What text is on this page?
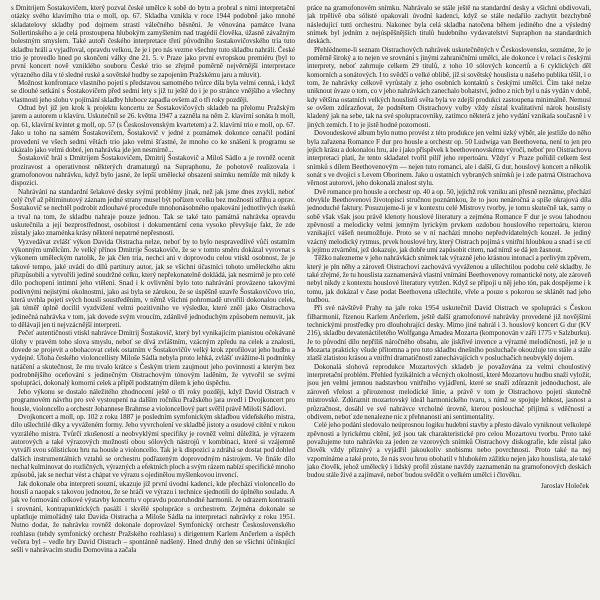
s Dmitrijem Šostakovičem, který pozval české umělce k sobě do bytu a probral s nimi interpretační otázky svého klavírního tria e moll, op. 67. Skladba vznikla v roce 1944 podobně jako mnohé skladatelovy skladby pod dojmem strastí válečného běsnění. Je věnována památce Ivana Sollertinského a je celá prostoupena hlubokým zamyšlením nad tragédií člověka, úžasně závažným bolestným smyslem. Také autoři českého interpretace třetí původního šostakovičovského tria tuto skladbu hráli a vyjadřoval, opravdu velkou, že je i pro nás vezme všechny tuto skladbu nahráli. České trio je provedlo hned po skončení války dne 21. 5. v Praze jako první evropskou premiéru (byl to první koncert nově vzniklého souboru České trio se zřejmě poměrně nejvěrnější interpretace výrazného díla v té sledné ruské a sovětské hudby se zapojením Pražskému jaru a mluvit).

Možnost konfrontace vlastního pojetí s představou samotného tvůrce díla byla velmi cenná, i když se dlouhé setkání s Šostakovičem před sedmi lety s již tu ještě do i je po stránce vnějšího a všechny vlastnosti jeho slohu v pojímání skladby hluboce zapadla ovšem až o tři roky později.

Odtud byl již jen krok k projektu koncertu ze Šostakovičových skladeb na přelomu Pražským jarem a autorem u klavíru. Uskutečnil se 26. května 1947 a zazněla na něm 2. klavírní sonáta h moll, op. 61, klavírní kvintet g moll, op. 57 (s Československým kvartetem) a 2. klavírní trio e moll, op. 67. Jako u toho na samém Šostakovičem, Šostakovič v jedné z poznámek dokonce označil podání provedení ve všech sedmi větách trio jako velmi šťastné, že mnoho co ke snášení k programu se ukázalo jako velmi dobré, jen nahrávka jde jen nesmírně...

Šostakovič hrál s Dmitrijem Šostakovičem, Dmitrij Šostakovič a Miloš Sádlo a je rovněž ocenit prozíravost a operativnost některých dramaturgů na Supraphonu, že pohotově realizovala i gramofonovou nahrávku, když bylo jasné, že lepší umělecké obsazení snímku nemůže mít nikdy k dispozici.

Nahrávání na standardní šelakové desky svými problémy jinak, než jak jsme dnes zvyklí, neboť celý čtyř až pětiminutový záznam jedné strany musel být pořízen vcelku bez možnosti stříhu a oprav. Šostakovič se nechtěl podrobit zdlouhavé proceduře mnohonásobného opakování jednotlivých úseků a trval na tom, že skladbu nahraje pouze jednou. Tak se také tato památná nahrávka opravdu uskutečnila a její bezprostřednost, osobitost i dokumentární cena vysoko převyšuje fakt, že zde zůstaly jako znaménka krásy některé nepatrné nepřesnosti.

Vyzvedávat zvlášť výkon Davida Oistracha nelze, neboť by to bylo nespravedlivé vůči ostatním výkonným umělcům. Je velký přínos Dmitrije Šostakoviče, že se v tomto směru dokázal vyrovnat s výkonem uměleckým natolik, že jak člen tria, nechci ani v doprovodu celou vtiskl osobnost, že je takové tempo, jaké uvádí do dílů partitury autor, jak se všichni účastníci tohoto uměleckého aktu přizpůsobili a vytvořili jediné soudržné celku, který nepřekonatelně dokládá, jak nesmírně je pro celé dílo pochopení intimní jeho vtělení. Snad i k ovlivnění bylo toto nahrávání provázeno takovými podivnými nejistými okolnostmi, jako asi byla se zárukou, že se úspěšně uzavře Šostakovičovo trio, která uvrhla pojetí svých houslí soustředěním, v němž všichni pohromadě utvořili dokonalou celek, jak téměř úplně docílil vyzdvižení velmi pozitivního ve výsledku, které zněl jako Oistrachova jedinečná nahrávka v tom, jak dovede svým vroucím, zdánlivě jednoduchým způsobem nemuvit, jak to dělávají jen ti nejvzácnější interpreti.

Pečeť autentičnosti vtiskl nahrávce Dmitrij Šostakovič, který byl vynikajícím pianistou očekávané úlohy v pravém toho slova smyslu, neboť se dívá zvláštním, vzácným zpředu na celek a znalosti, dovede se projevit a obohacovat celek ostatním v Šostakovičův velký krok zprofilovat jeho hudbu a vydejné. Úloha českého violoncellisty Miloše Sádla nebyla proto lehká, zvlášť uvážíme-li podmínky natáčení a skutečnost, že mu trvalo krátce s Českým triem zaujmout jeho povinnosti a kterým bez podrobnějšího oceňování s jedinečným Oistrachovým tónovým laděním, že vytvořil se svými spolupráci, dokonalý komorní celek a připěl podstatným dílem k jeho úspěchu.

Jeho výkonu se dostalo náležitého zhodnocení ještě o tři roky později, když David Oistrach v programovém návrhu pro své vystoupení na dalším ročníku Pražského jara uvedl i Dvojkoncert pro housle, violoncello a orchestr Johannese Brahmse a violoncellový part svěřil právě Miloši Sádlovi.

Dvojkoncert a moll, op. 102 z roku 1887 je posledním symfonickým skladbou vídeňského mistra, dílo ušlechtilé díky a vyváženém formy. Jeho vyvrcholení ve skladbě jistoty a osudové cítění v rukou vyzrálého mistra. Tvůrčí zkušeností a neobvyklými specifiky je rovněž velmi důležitá, je výrazem autorových a také výrazových možností obou sólových nástrojů v kombinaci, které si vzájemně vytváří svou sólistickou hru na housle a violoncello. Tak je k dispozici a zdráhá se dostat pod dohled dalších instrumentálních vztahů se orchestru podřazeným doprovodným nástrojem. Ve finále dílo nechal kulminovat do rozličných, výrazných a efektních ploch a svým rázem nabízí specifické mnoho způsobů, jak se nechat vést a chápat ve výrazu s ojedinělou myšlenkovou invencí.

Jak dokonale oba interpreti souzní, ukazuje již první úvodní kadenci, kde přechází violoncello do houslí a naopak s takovou jednotou, že se hráči ve výrazu i technice sjednotili do úplného souladu. A jak ve formování celkové výstavby koncertu v opravdu pozoruhodné harmonii. Je odrazem kontrastů i srovnání, kontrapunktických pasáží i skvělé spolupráce s orchestrem. Zejména dokonale se uplatňuje mimořádný takt Davida Oistracha a Miloše Sádla na interpretaci nahrávky z roku 1951. Nutno dodat, že nahrávku rovněž dokonale doprovázel Symfonický orchestr Československého rozhlasu (tehdy symfonický orchestr Pražského rozhlasu) s dirigentem Karlem Ančerlem a úspěch večera byl – vedle hry David Oistrach – spontánně nadšený. Hned druhý den se všichni účinkující sešli v nahrávacím studiu Domovina a začala

práce na gramofonovém snímku. Nahrávalo se stále ještě na standardní desky a všichni obdivovali, jak trpělivě oba sólisté opakovali úvodní kadenci, když se stále nedařilo zachytit bezchybně následující tutti orchestru. Nakonec byla celá skladba natočena během jediného dne a výsledný snímek byl jedním z nejúspěšnějších titulů hudebního vydavatelství Supraphon na standardních deskách.

Přehlédneme-li seznam Oistrachových nahrávek uskutečněných v Československu, seznáme, že je poměrně široký a to nejen ve srovnání s jinými zahraničními umělci, ale dokonce i v relaci s českými interprety, neboť zahrnuje celkem 29 titulů, z toho 10 sólových koncertů a 6 cyklických děl komorních a sonátových. I to svědčí o velké oblibě, jíž si sovětský houslista u našeho publika těšil, i o tom, že nahrávky celkově vyrůstaly z jeho osobních kontaktů s českými umělci. Čím také nelze uniknout úvaze o tom, co v jeho nahrávkách zanechalo bohatství, jedno z nich byl u nás vydán v době, kdy většina ostatních velkých houslistů světa byla ve zdejší produkci zastoupena minimálně. Nemusí se ovšem zdůrazňovat, že podnětem Oistrachovy volby vždy zůstal kvalitativní nárok houslisty kladený jak na sebe, tak na své spolupracovníky, zatímco některá z jeho vydání vznikala současně i v jiných zemích. I to je jistě hodné pozornosti.

Dovoudeskové album bylo nutno provést z této produkce jen velmi úzký výběr, ale jestliže do něho byla zařazena Romance F dur pro housle a orchestr op. 50 Ludwiga van Beethovena, není to jen pro jejích krásu a dokonalou hru, ale i jako příspěvek k beethovenovskému výročí, neboť pro Oistrachovu interpretaci platí, že tento skladatel tvořil pilíř jeho repertoáru. Vždyť v Praze pořídil celkem šest snímků s dílem Beethovenovým — nejen tuto romanci, ale i další, G dur, houslový koncert a několik sonát s ve dvojici s Levem Oborinem. Jako u ostatních vybraných snímků je i zde patrná Oistrachova věrnost autorovi, jeho dokonalá znalost stylu.

Dvě romance pro housle a orchestr op. 40 a op. 50, jejichž rok vzniku ani přesně neznáme, přechází obvykle Beethovenovi životopisci stručnou poznámkou, že to jsou nenáročná a spíše okrajová díla jednoduché faktury. Posuzujeme-li je v kontextu celé Mistrovy tvorby, je tomu skutečně tak, samy o sobě však však jsou právě klenoty houslové literatury a zejména Romance F dur je svou lahodnou zpěvností a melodicky velmi jemným lyrickým prvkem ozdobou houslového repertoáru, kterou vznikající vášeň neumožňuje. Proto se v ní nachází mnoho nepředvídatelných kouzel. Je jediný vzácný melodický rytmus, prvek houslové hry, který Oistrach pojímá s vnitřní hloubkou a snad i se ctí k jejímu ztvárnění, jež dokazuje, jak dobře umí zapůsobit citem, nad nímž se dá jen žasnout.

Těžko nalezneme v jeho nahrávkách snímek tak výrazně jeho krásnou intonací a perlivým zpěvem, který je pln něhy a zároveň Oistrachovi zachovává vyváženou a ušlechtilou podobu celé skladby. Je také zřejmé, že tu houslista zaznamenává vlastní vnímání Beethovenovy romantické noty, ale zároveň nebyl nikdy z kontextu houslové literatury vytržen. Když se připojí u něj jeho tón, pak dospějeme i k tomu, jak dokázal v čase podat Beethovena ušlechtile, vřele a pouze s pokorou se sklánět nad jeho hudbou.

Při své návštěvě Prahy na jaře roku 1954 uskutečnil David Oistrach ve spolupráci s Českou filharmonií, řízenou Karlem Ančerlem, ještě další gramofonové nahrávky provedené již novějšími technickými prostředky pro dlouhohrající desky. Mimo jiné nahrál i 3. houslový koncert G dur (KV 216), skladbu devatenáctiletého Wolfganga Amadea Mozarta (komponován v září 1775 v Salzburku). Je to původní dílo nepříliš náročného obsahu, ale jiskřivé invence a výrazné melodičnosti, jež je u Mozarta prakticky všude přítomna a pro tuto skladbu dnešního posluchače okouzluje tou stále a stále zlatší zlatistou krásou a vnitřní dramatičností zanechávajících v posluchačích neobvyklý dojem.

Dokonalá slohová reprodukce Mozartových skladeb je považována za velmi choulostivý interpretační problém. Přehled fyzikálních a věcných okolností, které Mozartovu hudbu snaží vyložit, jsou jen velmi jemnou nadstavbou vnitřního vyjádření, které se snaží zdůraznit jednoduchost, ale zároveň vřelost a přirozenost melodické linie, a právě v tom je Oistrachovo pojetí skutečně mistrovské. Zdůraznit mozartovský ideál harmonického tvaru, s nímž se spojuje lehkost, jasnost a průzračnost, dosáhl ve své nahrávce vrcholné úrovně, kterou poslouchač přijímá s vděčností a obdivem, neboť zde nenalezne nic z přehnanosti ani sentimentality.

Celé jeho podání sledovalo neúprosnou logiku hudební stavby a přesto dávalo vyniknout velkolepé zpěvnosti a lyrickému cítění, jež jsou tak charakteristické pro celou Mozartovu tvorbu. Proto také považujeme tuto nahrávku za jeden ze vzorových snímků Oistrachovy diskografie, kde zůstal jako člověk vždy příznivý a vyjádřil jakoukoliv snobismu nebo povrchnosti. Proto také na nej vzpomínáme a také proto, že nás svou hrou obohatil v hlubokém zážitku nejen jako houslista, ale také jako člověk, jehož umělecký i lidský profil zůstane navždy zaznamenán na gramofonových deskách budou stále živé a zajímavé, neboť budou svědčit o velkém umělci i člověku.

Jaroslav Holeček
